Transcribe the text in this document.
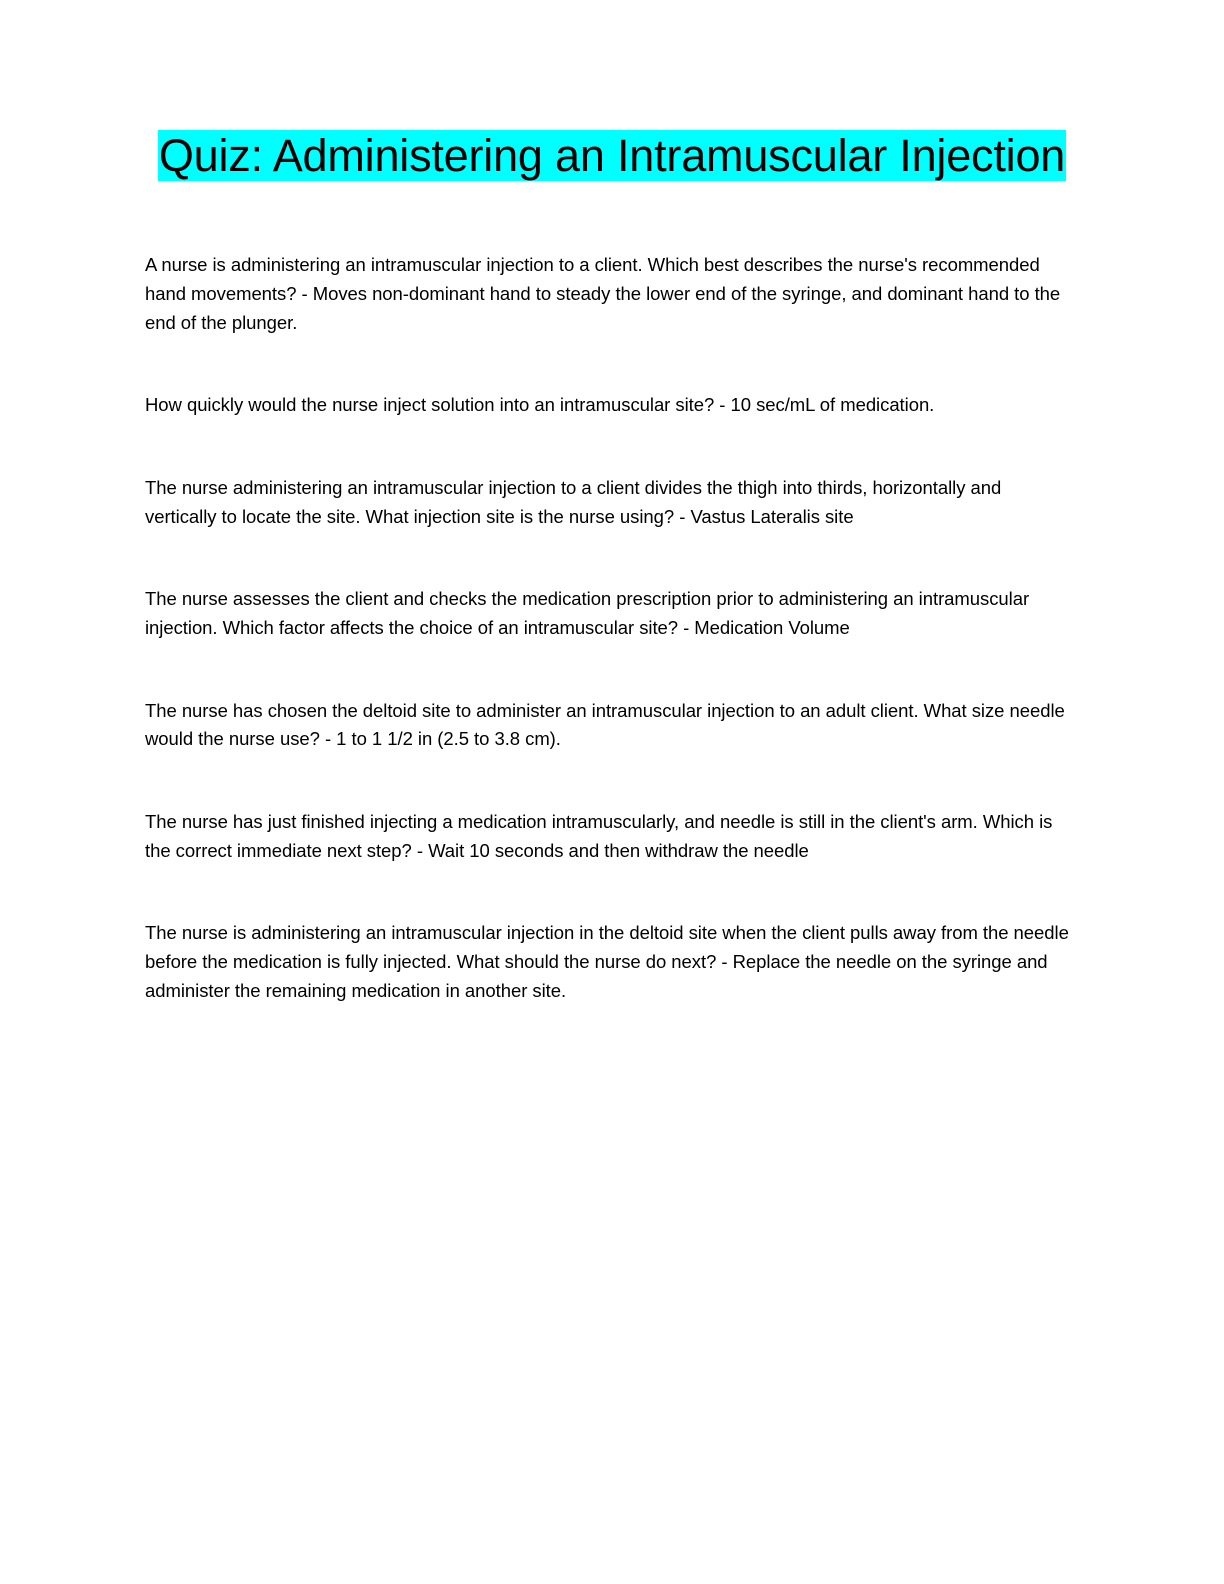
Quiz: Administering an Intramuscular Injection

A nurse is administering an intramuscular injection to a client. Which best describes the nurse's recommended hand movements? - Moves non-dominant hand to steady the lower end of the syringe, and dominant hand to the end of the plunger.

How quickly would the nurse inject solution into an intramuscular site? - 10 sec/mL of medication.

The nurse administering an intramuscular injection to a client divides the thigh into thirds, horizontally and vertically to locate the site. What injection site is the nurse using? - Vastus Lateralis site

The nurse assesses the client and checks the medication prescription prior to administering an intramuscular injection. Which factor affects the choice of an intramuscular site? - Medication Volume

The nurse has chosen the deltoid site to administer an intramuscular injection to an adult client. What size needle would the nurse use? - 1 to 1 1/2 in (2.5 to 3.8 cm).

The nurse has just finished injecting a medication intramuscularly, and needle is still in the client's arm. Which is the correct immediate next step? - Wait 10 seconds and then withdraw the needle

The nurse is administering an intramuscular injection in the deltoid site when the client pulls away from the needle before the medication is fully injected. What should the nurse do next? - Replace the needle on the syringe and administer the remaining medication in another site.
